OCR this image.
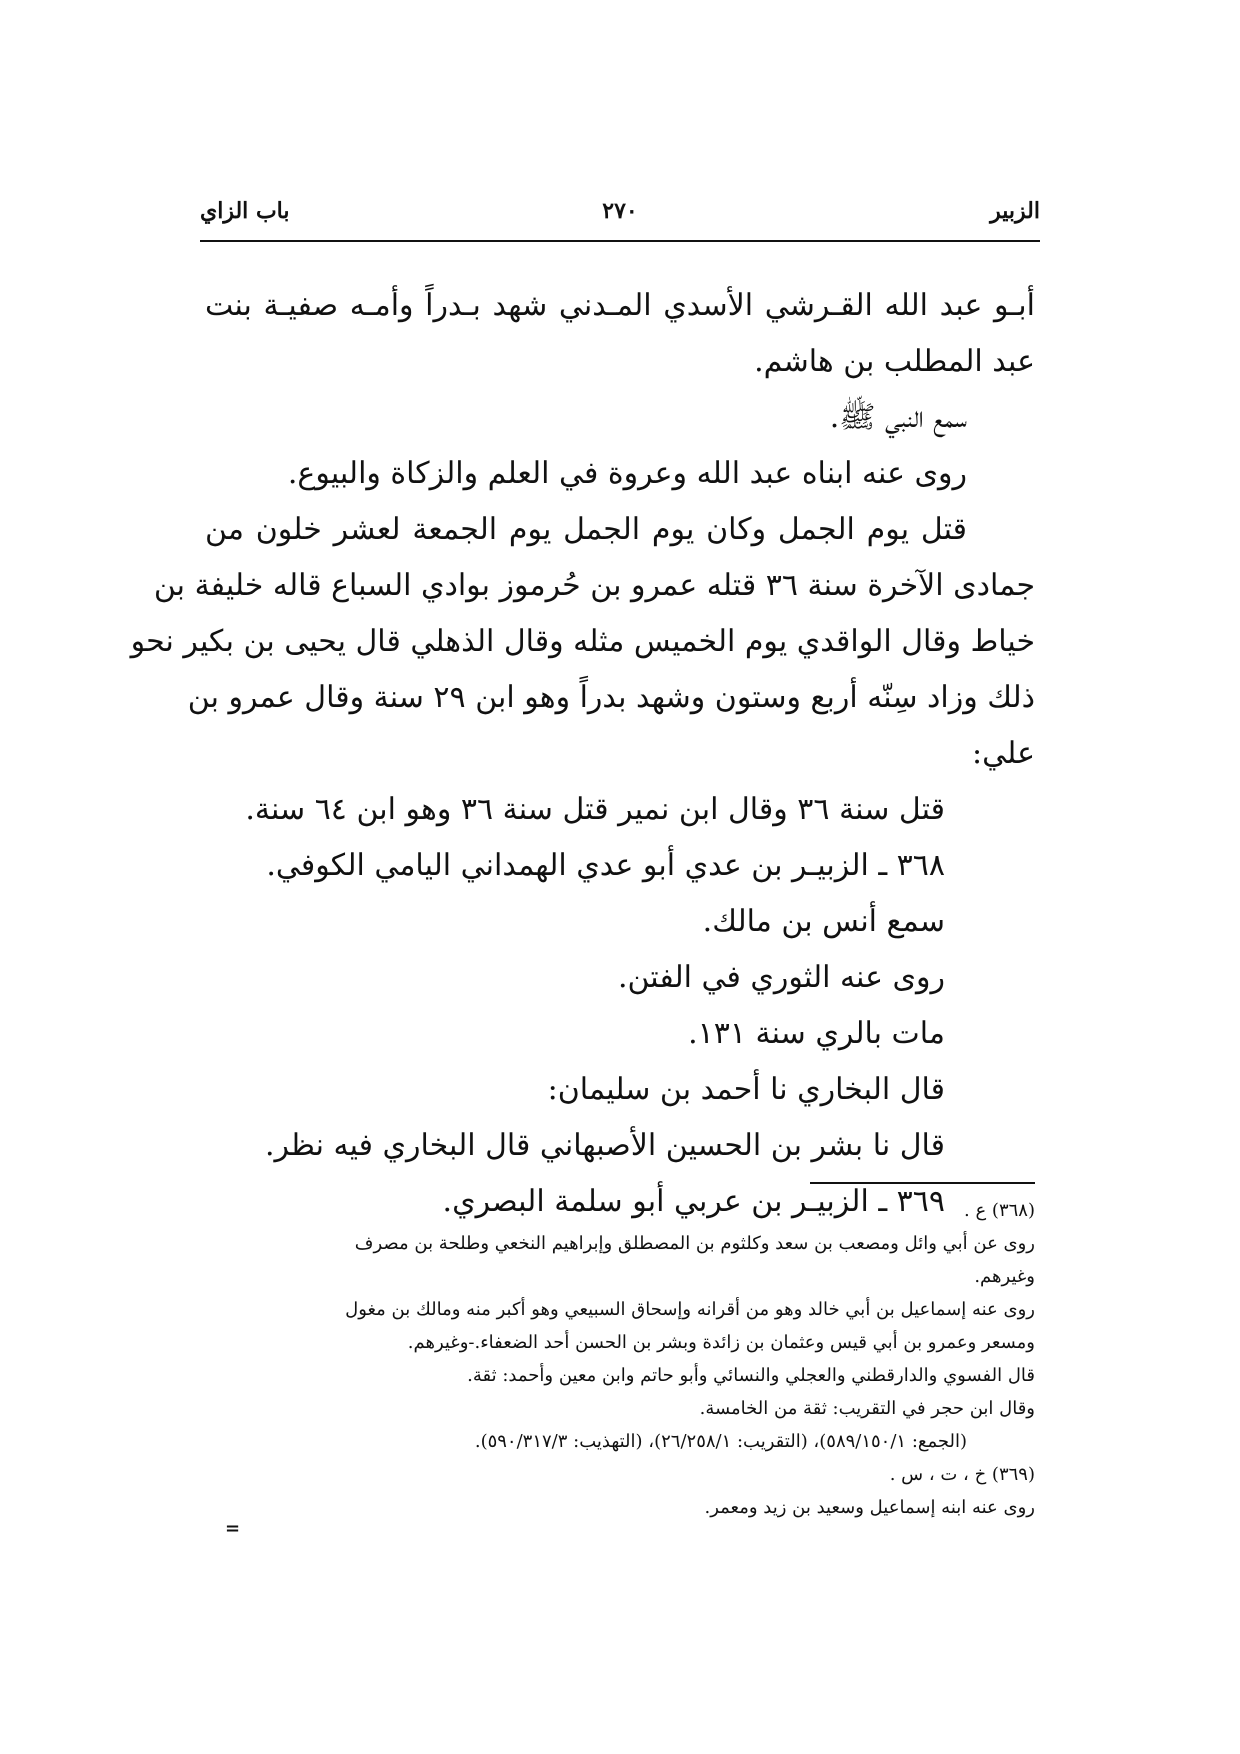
الزبير
٢٧٠
باب الزاي
أبـو عبد الله القـرشي الأسدي المـدني شهد بـدراً وأمـه صفيـة بنت
عبد المطلب بن هاشم.
سمع النبي ﷺ.
روى عنه ابناه عبد الله وعروة في العلم والزكاة والبيوع.
قتل يوم الجمل وكان يوم الجمل يوم الجمعة لعشر خلون من
جمادى الآخرة سنة ٣٦ قتله عمرو بن حُرموز بوادي السباع قاله خليفة بن
خياط وقال الواقدي يوم الخميس مثله وقال الذهلي قال يحيى بن بكير نحو
ذلك وزاد سِنّه أربع وستون وشهد بدراً وهو ابن ٢٩ سنة وقال عمرو بن
علي:
قتل سنة ٣٦ وقال ابن نمير قتل سنة ٣٦ وهو ابن ٦٤ سنة.
٣٦٨ ـ الزبيـر بن عدي أبو عدي الهمداني اليامي الكوفي.
سمع أنس بن مالك.
روى عنه الثوري في الفتن.
مات بالري سنة ١٣١.
قال البخاري نا أحمد بن سليمان:
قال نا بشر بن الحسين الأصبهاني قال البخاري فيه نظر.
٣٦٩ ـ الزبيـر بن عربي أبو سلمة البصري.	(٣٦٨) ع .
روى عن أبي وائل ومصعب بن سعد وكلثوم بن المصطلق وإبراهيم النخعي وطلحة بن مصرف
وغيرهم.
روى عنه إسماعيل بن أبي خالد وهو من أقرانه وإسحاق السبيعي وهو أكبر منه ومالك بن مغول
ومسعر وعمرو بن أبي قيس وعثمان بن زائدة وبشر بن الحسن أحد الضعفاء.-وغيرهم.
قال الفسوي والدارقطني والعجلي والنسائي وأبو حاتم وابن معين وأحمد: ثقة.
وقال ابن حجر في التقريب: ثقة من الخامسة.
(الجمع: ٥٨٩/١٥٠/١)، (التقريب: ٢٦/٢٥٨/١)، (التهذيب: ٥٩٠/٣١٧/٣).
(٣٦٩) خ ، ت ، س .
روى عنه ابنه إسماعيل وسعيد بن زيد ومعمر.
=
